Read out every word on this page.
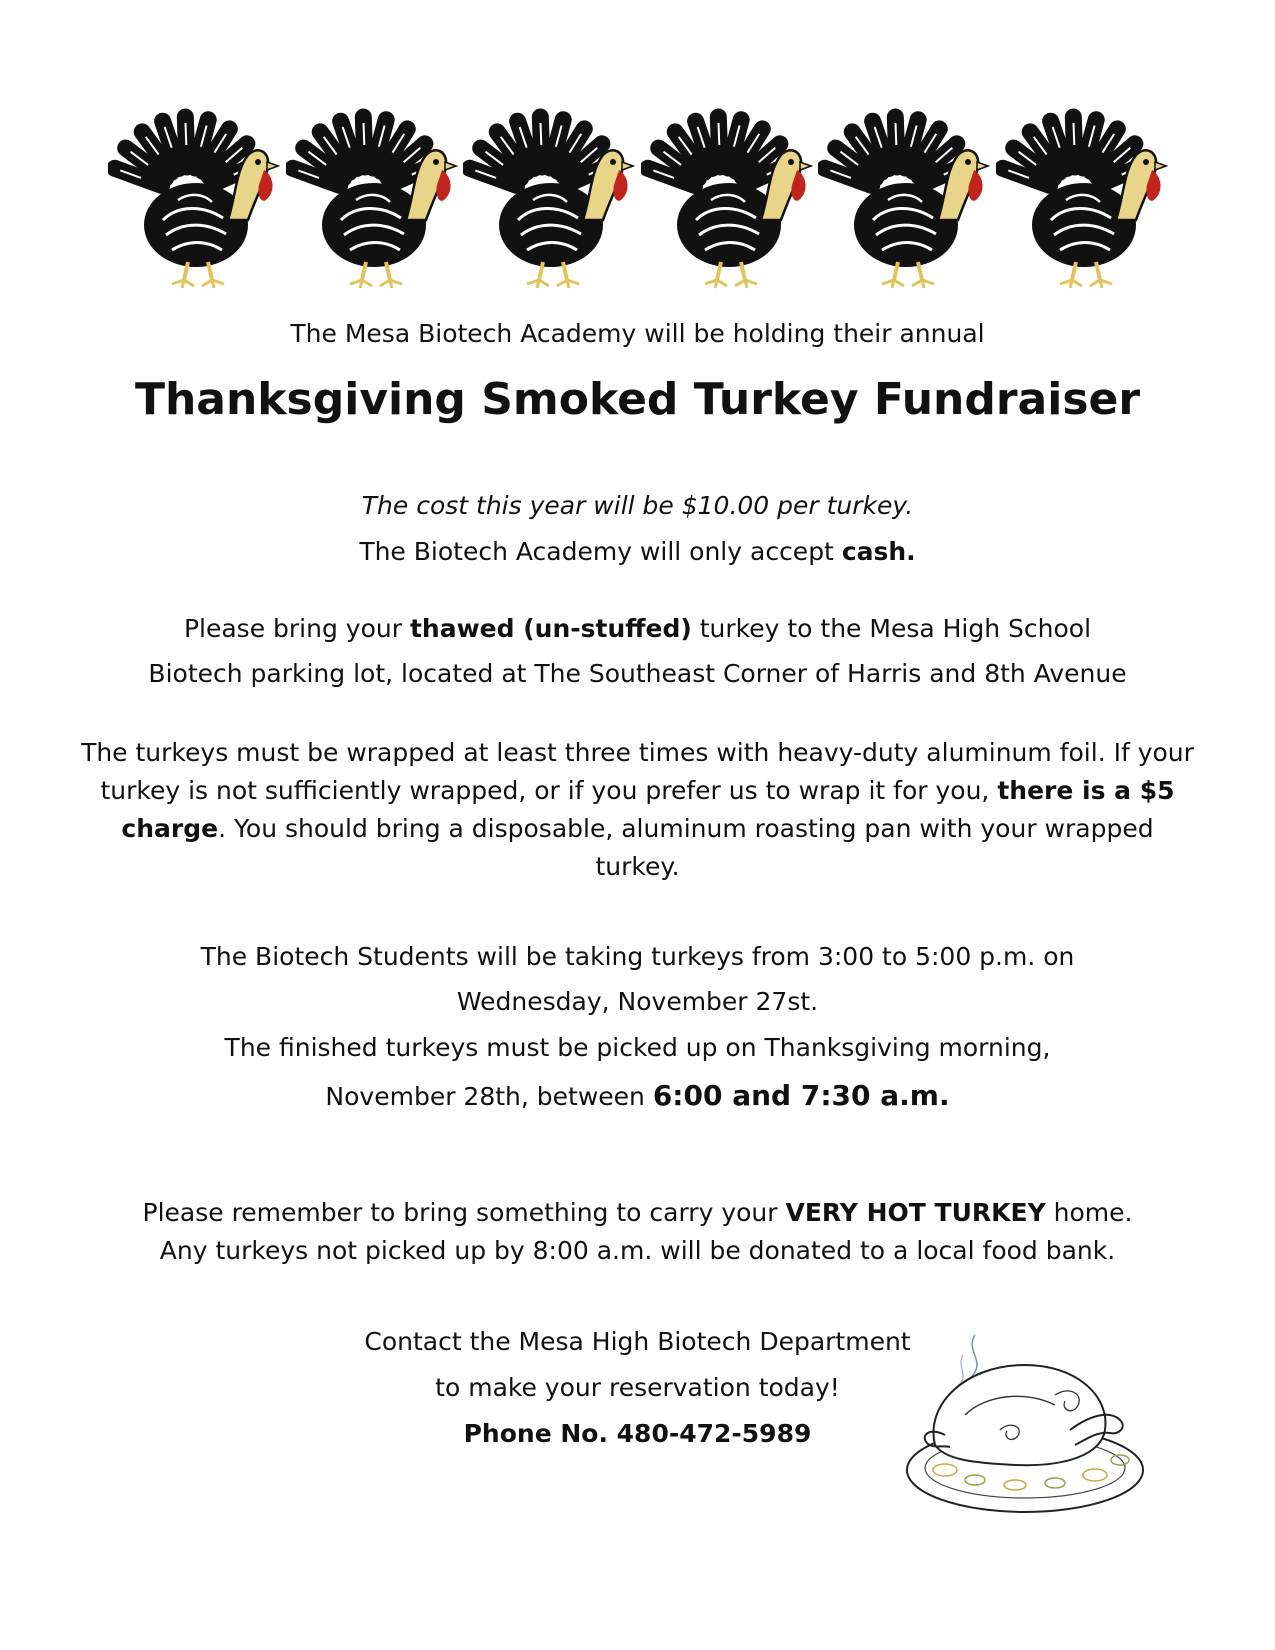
The Mesa Biotech Academy will be holding their annual
Thanksgiving Smoked Turkey Fundraiser
The cost this year will be $10.00 per turkey.
The Biotech Academy will only accept cash.
Please bring your thawed (un-stuffed) turkey to the Mesa High School
Biotech parking lot, located at The Southeast Corner of Harris and 8th Avenue
The turkeys must be wrapped at least three times with heavy-duty aluminum foil. If your turkey is not sufficiently wrapped, or if you prefer us to wrap it for you, there is a $5 charge. You should bring a disposable, aluminum roasting pan with your wrapped turkey.
The Biotech Students will be taking turkeys from 3:00 to 5:00 p.m. on
Wednesday, November 27st.
The finished turkeys must be picked up on Thanksgiving morning,
November 28th, between 6:00 and 7:30 a.m.
Please remember to bring something to carry your VERY HOT TURKEY home.
Any turkeys not picked up by 8:00 a.m. will be donated to a local food bank.
Contact the Mesa High Biotech Department
to make your reservation today!
Phone No. 480-472-5989
